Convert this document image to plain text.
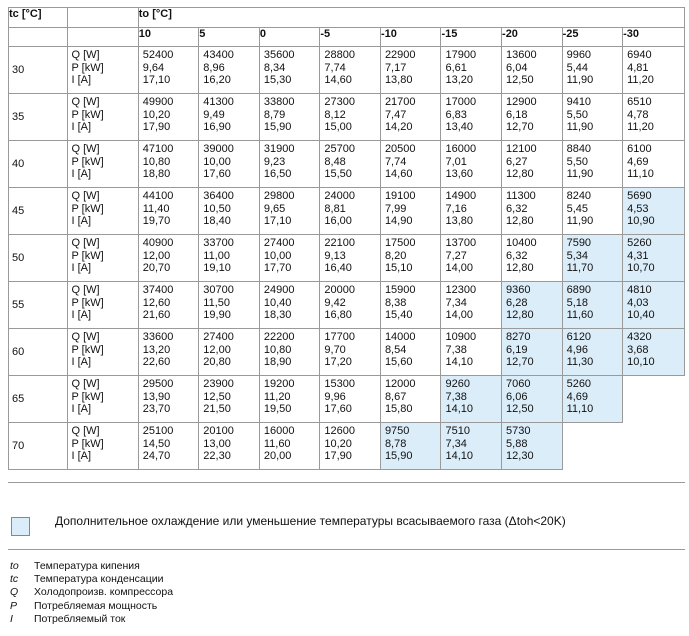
tc [°C]		to [°C]								
		10	5	0	-5	-10	-15	-20	-25	-30
30	Q [W]
P [kW]
I [A]	52400
9,64
17,10	43400
8,96
16,20	35600
8,34
15,30	28800
7,74
14,60	22900
7,17
13,80	17900
6,61
13,20	13600
6,04
12,50	9960
5,44
11,90	6940
4,81
11,20

35	Q [W]
P [kW]
I [A]	49900
10,20
17,90	41300
9,49
16,90	33800
8,79
15,90	27300
8,12
15,00	21700
7,47
14,20	17000
6,83
13,40	12900
6,18
12,70	9410
5,50
11,90	6510
4,78
11,20

40	Q [W]
P [kW]
I [A]	47100
10,80
18,80	39000
10,00
17,60	31900
9,23
16,50	25700
8,48
15,50	20500
7,74
14,60	16000
7,01
13,60	12100
6,27
12,80	8840
5,50
11,90	6100
4,69
11,10

45	Q [W]
P [kW]
I [A]	44100
11,40
19,70	36400
10,50
18,40	29800
9,65
17,10	24000
8,81
16,00	19100
7,99
14,90	14900
7,16
13,80	11300
6,32
12,80	8240
5,45
11,90	5690
4,53
10,90

50	Q [W]
P [kW]
I [A]	40900
12,00
20,70	33700
11,00
19,10	27400
10,00
17,70	22100
9,13
16,40	17500
8,20
15,10	13700
7,27
14,00	10400
6,32
12,80	7590
5,34
11,70	5260
4,31
10,70

55	Q [W]
P [kW]
I [A]	37400
12,60
21,60	30700
11,50
19,90	24900
10,40
18,30	20000
9,42
16,80	15900
8,38
15,40	12300
7,34
14,00	9360
6,28
12,80	6890
5,18
11,60	4810
4,03
10,40

60	Q [W]
P [kW]
I [A]	33600
13,20
22,60	27400
12,00
20,80	22200
10,80
18,90	17700
9,70
17,20	14000
8,54
15,60	10900
7,38
14,10	8270
6,19
12,70	6120
4,96
11,30	4320
3,68
10,10

65	Q [W]
P [kW]
I [A]	29500
13,90
23,70	23900
12,50
21,50	19200
11,20
19,50	15300
9,96
17,60	12000
8,67
15,80	9260
7,38
14,10	7060
6,06
12,50	5260
4,69
11,10	

70	Q [W]
P [kW]
I [A]	25100
14,50
24,70	20100
13,00
22,30	16000
11,60
20,00	12600
10,20
17,90	9750
8,78
15,90	7510
7,34
14,10	5730
5,88
12,30		

Дополнительное охлаждение или уменьшение температуры всасываемого газа (Δtoh<20K)
to	Температура кипения
tc	Температура конденсации
Q	Холодопроизв. компрессора
P	Потребляемая мощность
I	Потребляемый ток
